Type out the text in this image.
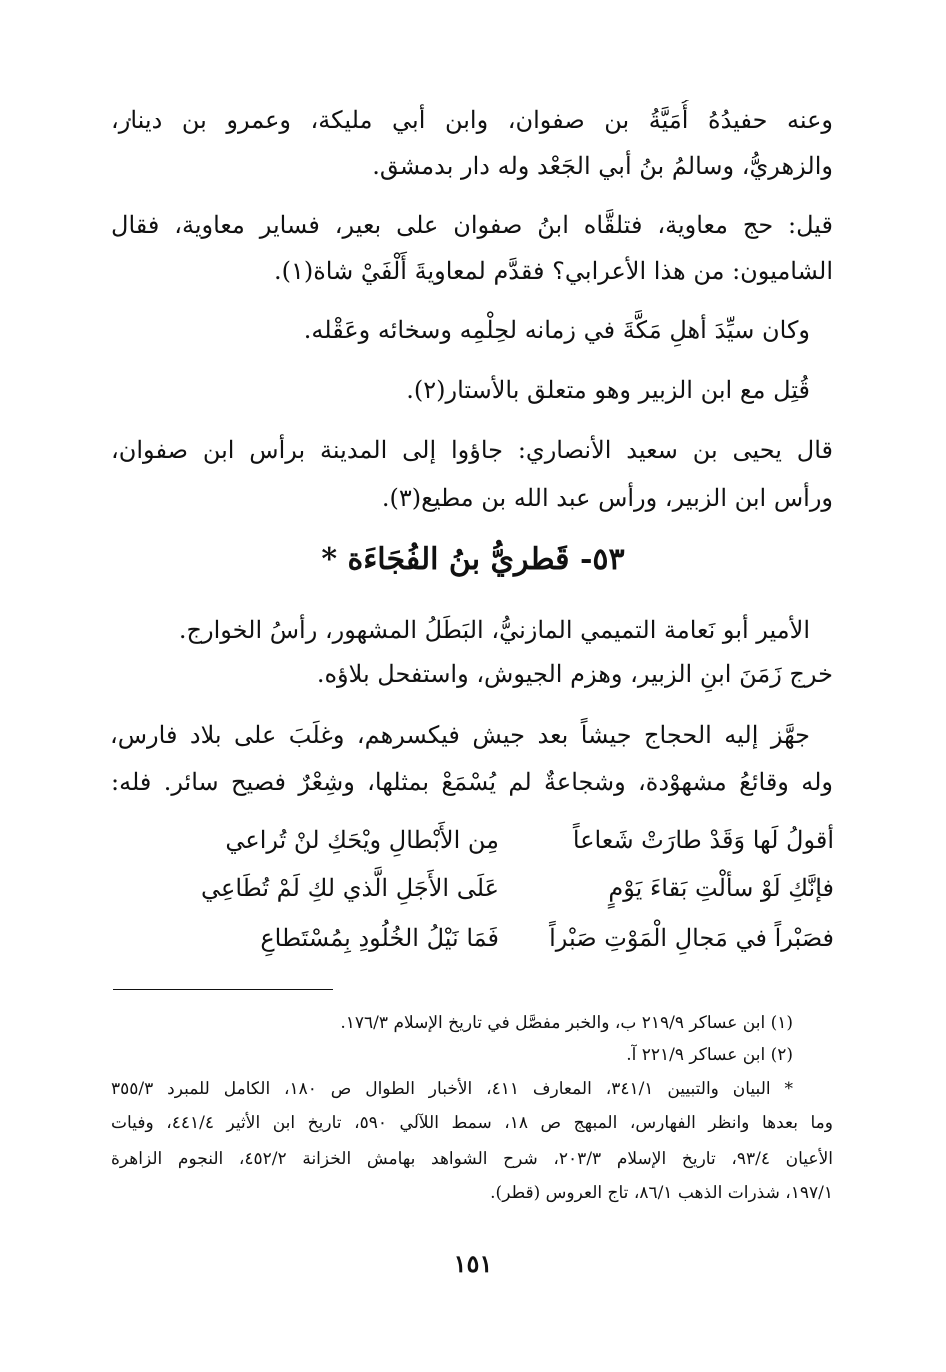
وعنه حفيدُهُ أُمَيَّةُ بن صفوان، وابن أبي مليكة، وعمرو بن دينار،
والزهريُّ، وسالمُ بنُ أبي الجَعْد وله دار بدمشق.
قيل: حج معاوية، فتلقَّاه ابنُ صفوان على بعير، فساير معاوية، فقال
الشاميون: من هذا الأعرابي؟ فقدَّم لمعاويةَ أَلْفَيْ شاة(١).
وكان سيِّدَ أهلِ مَكَّةَ في زمانه لحِلْمِه وسخائه وعَقْله.
قُتِل مع ابن الزبير وهو متعلق بالأستار(٢).
قال يحيى بن سعيد الأنصاري: جاؤوا إلى المدينة برأس ابن صفوان،
ورأس ابن الزبير، ورأس عبد الله بن مطيع(٣).
٥٣- قَطريُّ بنُ الفُجَاءَة *
الأمير أبو نَعامة التميمي المازنيُّ، البَطَلُ المشهور، رأسُ الخوارج.
خرج زَمَنَ ابنِ الزبير، وهزم الجيوش، واستفحل بلاؤه.
جهَّز إليه الحجاج جيشاً بعد جيش فيكسرهم، وغلَبَ على بلاد فارس،
وله وقائعُ مشهوْدة، وشجاعةٌ لم يُسْمَعْ بمثلها، وشِعْرٌ فصيح سائر. فله:
أقولُ لَها وَقَدْ طارَتْ شَعاعاً
مِن الأَبْطالِ ويْحَكِ لنْ تُراعي
فإنَّكِ لَوْ سألْتِ بَقاءَ يَوْمٍ
عَلَى الأَجَلِ الَّذي لكِ لَمْ تُطَاعِي
فصَبْراً في مَجالِ الْمَوْتِ صَبْراً
فَمَا نَيْلُ الخُلُودِ بِمُسْتَطاعِ
(١) ابن عساكر ٢١٩/٩ ب، والخبر مفصَّل في تاريخ الإسلام ١٧٦/٣.
(٢) ابن عساكر ٢٢١/٩ آ.
* البيان والتبيين ٣٤١/١، المعارف ٤١١، الأخبار الطوال ص ١٨٠، الكامل للمبرد ٣٥٥/٣
وما بعدها وانظر الفهارس، المبهج ص ١٨، سمط اللآلي ٥٩٠، تاريخ ابن الأثير ٤٤١/٤، وفيات
الأعيان ٩٣/٤، تاريخ الإسلام ٢٠٣/٣، شرح الشواهد بهامش الخزانة ٤٥٢/٢، النجوم الزاهرة
١٩٧/١، شذرات الذهب ٨٦/١، تاج العروس (قطر).
١٥١
